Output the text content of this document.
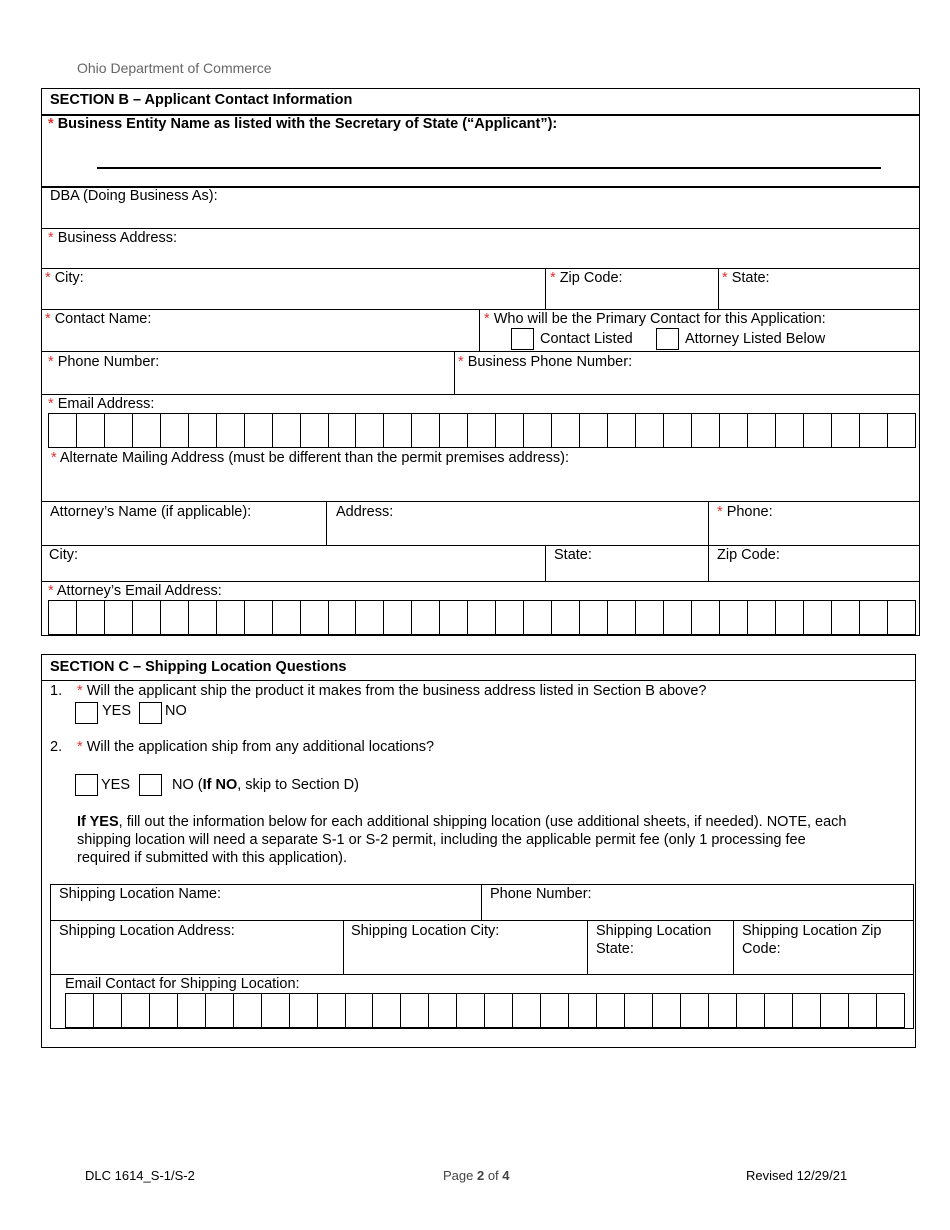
Ohio Department of Commerce
SECTION B – Applicant Contact Information
* Business Entity Name as listed with the Secretary of State (“Applicant”):
DBA (Doing Business As):
* Business Address:
* City:	* Zip Code:	* State:
* Contact Name:	* Who will be the Primary Contact for this Application:
Contact Listed	Attorney Listed Below
* Phone Number:	* Business Phone Number:
* Email Address:
* Alternate Mailing Address (must be different than the permit premises address):
Attorney’s Name (if applicable):	Address:	* Phone:
City:	State:	Zip Code:
* Attorney’s Email Address:
SECTION C – Shipping Location Questions
1. * Will the applicant ship the product it makes from the business address listed in Section B above?
YES NO
2. * Will the application ship from any additional locations?
YES	NO (If NO, skip to Section D)
If YES, fill out the information below for each additional shipping location (use additional sheets, if needed). NOTE, each
shipping location will need a separate S-1 or S-2 permit, including the applicable permit fee (only 1 processing fee
required if submitted with this application).
Shipping Location Name:	Phone Number:
Shipping Location Address:	Shipping Location City:	Shipping Location
State:
Shipping Location Zip
Code:
Email Contact for Shipping Location:
DLC 1614_S-1/S-2	Page 2 of 4	Revised 12/29/21
